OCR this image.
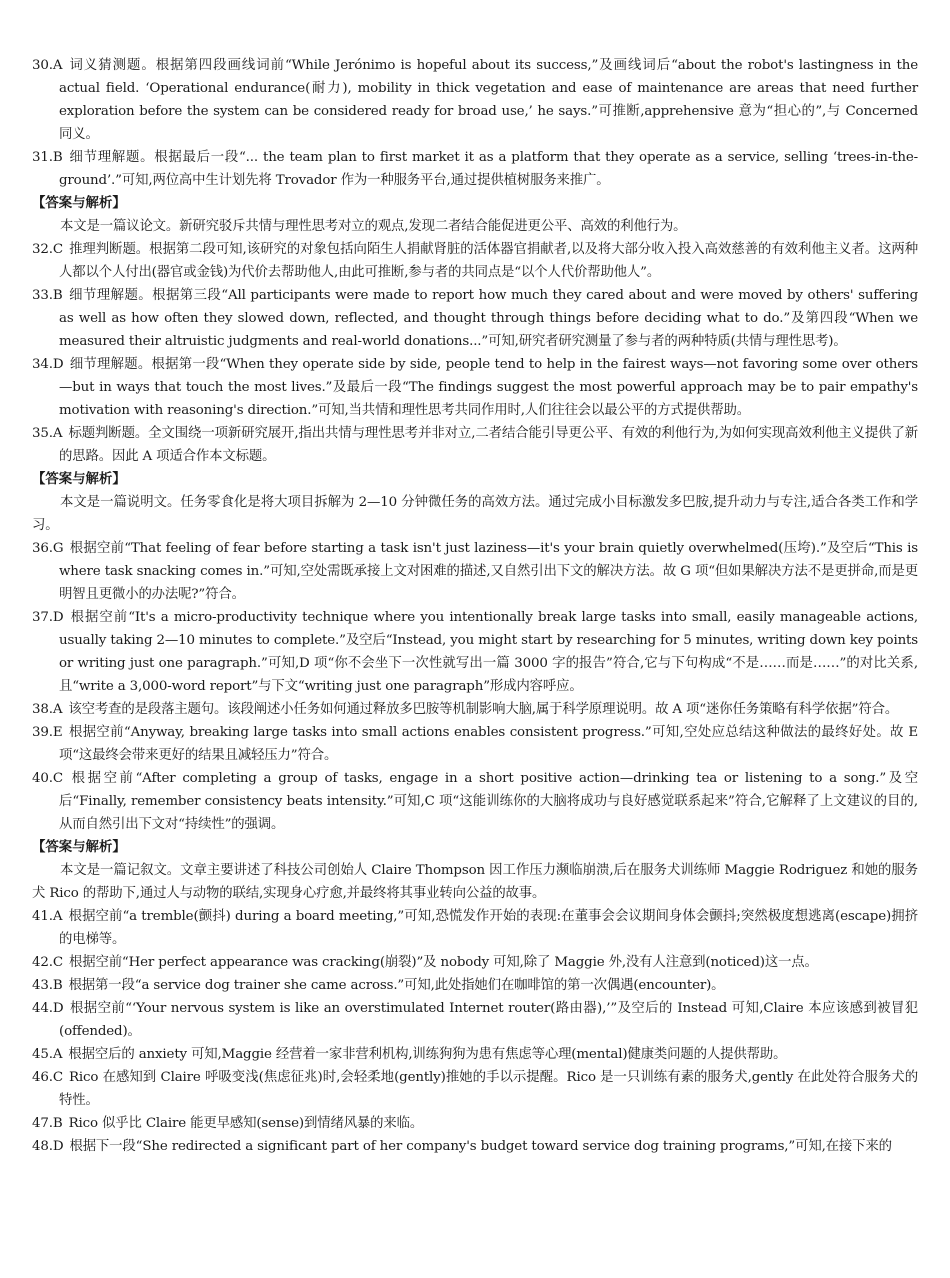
30.A 词义猜测题。根据第四段画线词前“While Jerónimo is hopeful about its success,”及画线词后“about the robot's lastingness in the actual field. ‘Operational endurance(耐力), mobility in thick vegetation and ease of maintenance are areas that need further exploration before the system can be considered ready for broad use,’ he says.”可推断,apprehensive 意为“担心的”,与 Concerned 同义。

31.B 细节理解题。根据最后一段“... the team plan to first market it as a platform that they operate as a service, selling ‘trees-in-the-ground’.”可知,两位高中生计划先将 Trovador 作为一种服务平台,通过提供植树服务来推广。

【答案与解析】

本文是一篇议论文。新研究驳斥共情与理性思考对立的观点,发现二者结合能促进更公平、高效的利他行为。

32.C 推理判断题。根据第二段可知,该研究的对象包括向陌生人捐献肾脏的活体器官捐献者,以及将大部分收入投入高效慈善的有效利他主义者。这两种人都以个人付出(器官或金钱)为代价去帮助他人,由此可推断,参与者的共同点是“以个人代价帮助他人”。

33.B 细节理解题。根据第三段“All participants were made to report how much they cared about and were moved by others' suffering as well as how often they slowed down, reflected, and thought through things before deciding what to do.”及第四段“When we measured their altruistic judgments and real-world donations...”可知,研究者研究测量了参与者的两种特质(共情与理性思考)。

34.D 细节理解题。根据第一段“When they operate side by side, people tend to help in the fairest ways—not favoring some over others—but in ways that touch the most lives.”及最后一段“The findings suggest the most powerful approach may be to pair empathy's motivation with reasoning's direction.”可知,当共情和理性思考共同作用时,人们往往会以最公平的方式提供帮助。

35.A 标题判断题。全文围绕一项新研究展开,指出共情与理性思考并非对立,二者结合能引导更公平、有效的利他行为,为如何实现高效利他主义提供了新的思路。因此 A 项适合作本文标题。

【答案与解析】

本文是一篇说明文。任务零食化是将大项目拆解为 2—10 分钟微任务的高效方法。通过完成小目标激发多巴胺,提升动力与专注,适合各类工作和学习。

36.G 根据空前“That feeling of fear before starting a task isn't just laziness—it's your brain quietly overwhelmed(压垮).”及空后“This is where task snacking comes in.”可知,空处需既承接上文对困难的描述,又自然引出下文的解决方法。故 G 项“但如果解决方法不是更拼命,而是更明智且更微小的办法呢?”符合。

37.D 根据空前“It's a micro-productivity technique where you intentionally break large tasks into small, easily manageable actions, usually taking 2—10 minutes to complete.”及空后“Instead, you might start by researching for 5 minutes, writing down key points or writing just one paragraph.”可知,D 项“你不会坐下一次性就写出一篇 3000 字的报告”符合,它与下句构成“不是……而是……”的对比关系,且“write a 3,000-word report”与下文“writing just one paragraph”形成内容呼应。

38.A 该空考查的是段落主题句。该段阐述小任务如何通过释放多巴胺等机制影响大脑,属于科学原理说明。故 A 项“迷你任务策略有科学依据”符合。

39.E 根据空前“Anyway, breaking large tasks into small actions enables consistent progress.”可知,空处应总结这种做法的最终好处。故 E 项“这最终会带来更好的结果且减轻压力”符合。

40.C 根据空前“After completing a group of tasks, engage in a short positive action—drinking tea or listening to a song.”及空后“Finally, remember consistency beats intensity.”可知,C 项“这能训练你的大脑将成功与良好感觉联系起来”符合,它解释了上文建议的目的,从而自然引出下文对“持续性”的强调。

【答案与解析】

本文是一篇记叙文。文章主要讲述了科技公司创始人 Claire Thompson 因工作压力濒临崩溃,后在服务犬训练师 Maggie Rodriguez 和她的服务犬 Rico 的帮助下,通过人与动物的联结,实现身心疗愈,并最终将其事业转向公益的故事。

41.A 根据空前“a tremble(颤抖) during a board meeting,”可知,恐慌发作开始的表现:在董事会会议期间身体会颤抖;突然极度想逃离(escape)拥挤的电梯等。

42.C 根据空前“Her perfect appearance was cracking(崩裂)”及 nobody 可知,除了 Maggie 外,没有人注意到(noticed)这一点。

43.B 根据第一段“a service dog trainer she came across.”可知,此处指她们在咖啡馆的第一次偶遇(encounter)。

44.D 根据空前“‘Your nervous system is like an overstimulated Internet router(路由器),’”及空后的 Instead 可知,Claire 本应该感到被冒犯(offended)。

45.A 根据空后的 anxiety 可知,Maggie 经营着一家非营利机构,训练狗狗为患有焦虑等心理(mental)健康类问题的人提供帮助。

46.C Rico 在感知到 Claire 呼吸变浅(焦虑征兆)时,会轻柔地(gently)推她的手以示提醒。Rico 是一只训练有素的服务犬,gently 在此处符合服务犬的特性。

47.B Rico 似乎比 Claire 能更早感知(sense)到情绪风暴的来临。

48.D 根据下一段“She redirected a significant part of her company's budget toward service dog training programs,”可知,在接下来的
